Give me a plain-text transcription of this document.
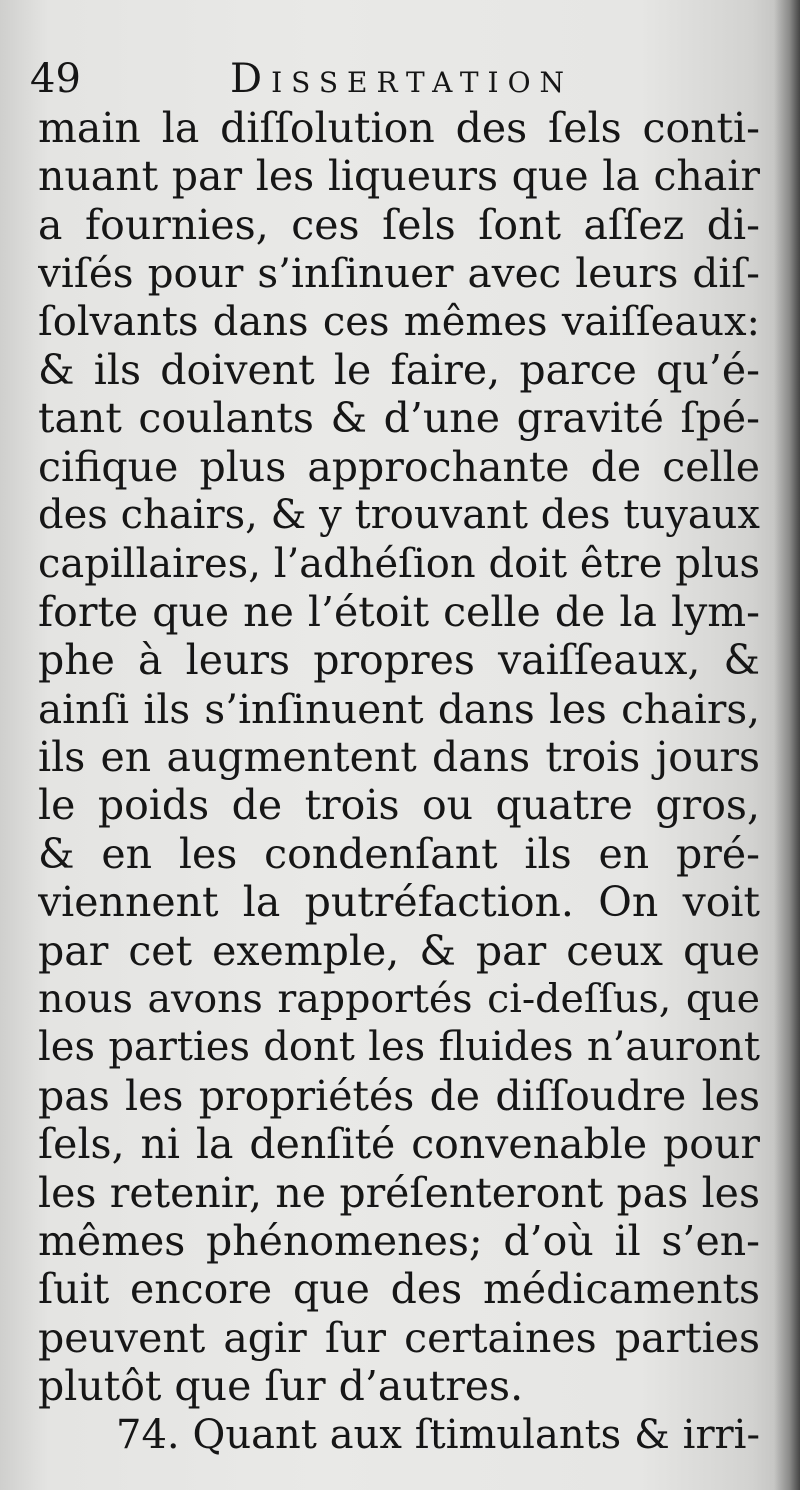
49	Dissertation
main la diſſolution des ſels conti-
nuant par les liqueurs que la chair
a fournies, ces ſels ſont aſſez di-
viſés pour s’inſinuer avec leurs diſ-
ſolvants dans ces mêmes vaiſſeaux:
& ils doivent le faire, parce qu’é-
tant coulants & d’une gravité ſpé-
cifique plus approchante de celle
des chairs, & y trouvant des tuyaux
capillaires, l’adhéſion doit être plus
forte que ne l’étoit celle de la lym-
phe à leurs propres vaiſſeaux, &
ainſi ils s’inſinuent dans les chairs,
ils en augmentent dans trois jours
le poids de trois ou quatre gros,
& en les condenſant ils en pré-
viennent la putréfaction. On voit
par cet exemple, & par ceux que
nous avons rapportés ci-deſſus, que
les parties dont les fluides n’auront
pas les propriétés de diſſoudre les
ſels, ni la denſité convenable pour
les retenir, ne préſenteront pas les
mêmes phénomenes; d’où il s’en-
ſuit encore que des médicaments
peuvent agir ſur certaines parties
plutôt que ſur d’autres.
74. Quant aux ſtimulants & irri-
